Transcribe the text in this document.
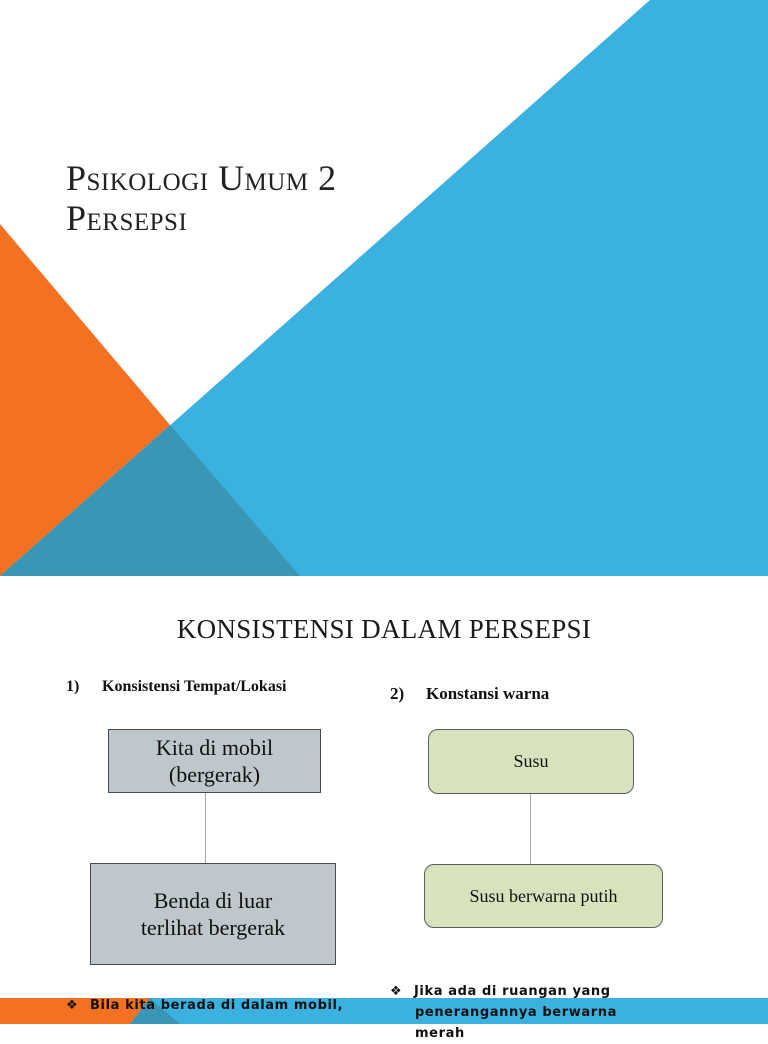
Psikologi Umum 2
Persepsi
KONSISTENSI DALAM PERSEPSI
1) Konsistensi Tempat/Lokasi	2) Konstansi warna
Kita di mobil
(bergerak)
Benda di luar
terlihat bergerak
Susu
Susu berwarna putih
❖ Bila kita berada di dalam mobil,
❖ Jika ada di ruangan yang
penerangannya berwarna merah
